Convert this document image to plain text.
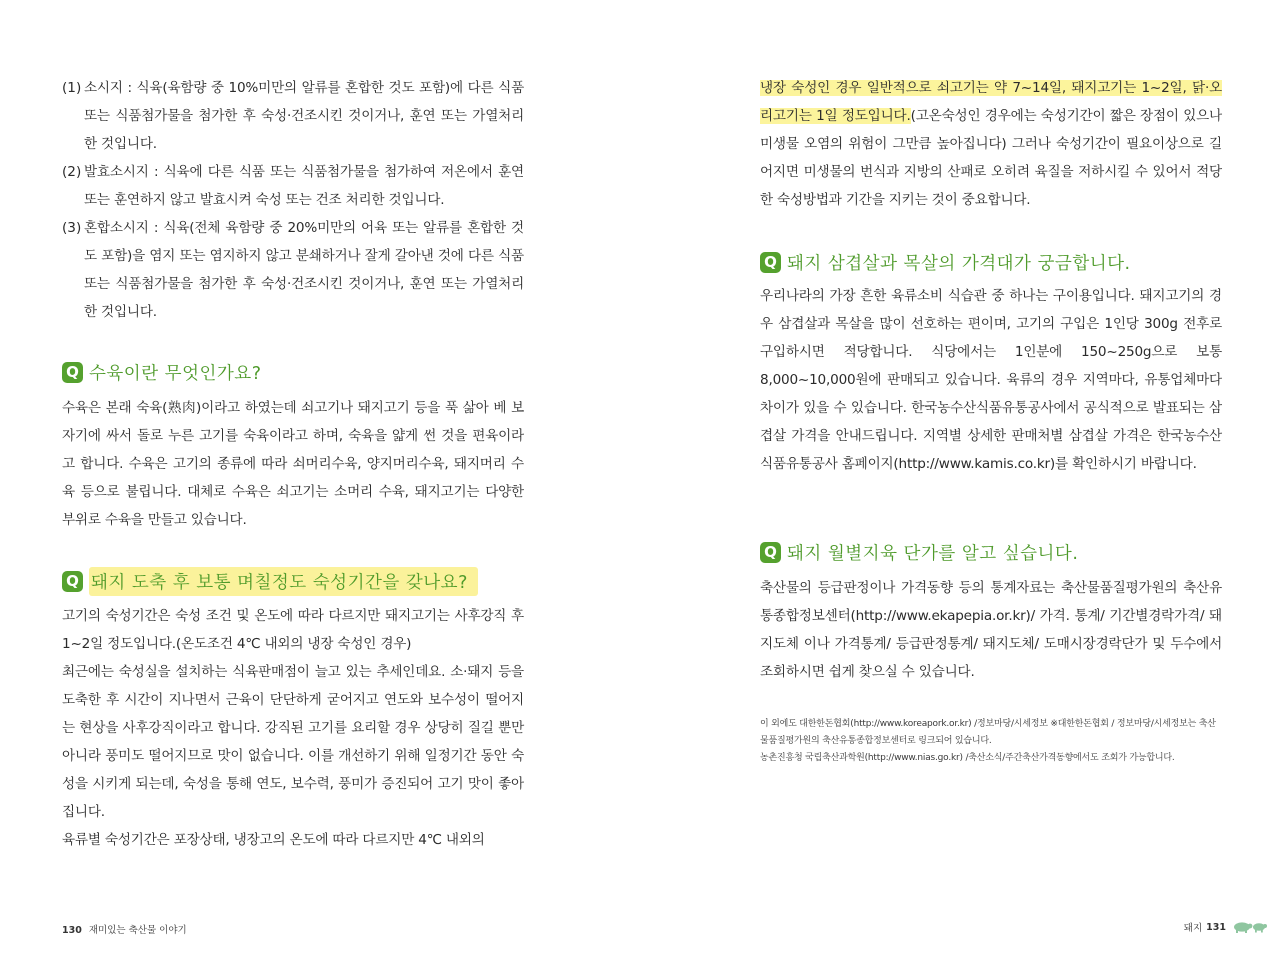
(1) 소시지 : 식육(육함량 중 10%미만의 알류를 혼합한 것도 포함)에 다른 식품 또는 식품첨가물을 첨가한 후 숙성·건조시킨 것이거나, 훈연 또는 가열처리한 것입니다.

(2) 발효소시지 : 식육에 다른 식품 또는 식품첨가물을 첨가하여 저온에서 훈연 또는 훈연하지 않고 발효시켜 숙성 또는 건조 처리한 것입니다.

(3) 혼합소시지 : 식육(전체 육함량 중 20%미만의 어육 또는 알류를 혼합한 것도 포함)을 염지 또는 염지하지 않고 분쇄하거나 잘게 갈아낸 것에 다른 식품 또는 식품첨가물을 첨가한 후 숙성·건조시킨 것이거나, 훈연 또는 가열처리한 것입니다.

Q 수육이란 무엇인가요?

수육은 본래 숙육(熟肉)이라고 하였는데 쇠고기나 돼지고기 등을 푹 삶아 베 보자기에 싸서 돌로 누른 고기를 숙육이라고 하며, 숙육을 얇게 썬 것을 편육이라고 합니다. 수육은 고기의 종류에 따라 쇠머리수육, 양지머리수육, 돼지머리 수육 등으로 불립니다. 대체로 수육은 쇠고기는 소머리 수육, 돼지고기는 다양한 부위로 수육을 만들고 있습니다.

Q 돼지 도축 후 보통 며칠정도 숙성기간을 갖나요?

고기의 숙성기간은 숙성 조건 및 온도에 따라 다르지만 돼지고기는 사후강직 후 1~2일 정도입니다.(온도조건 4℃ 내외의 냉장 숙성인 경우)

최근에는 숙성실을 설치하는 식육판매점이 늘고 있는 추세인데요. 소·돼지 등을 도축한 후 시간이 지나면서 근육이 단단하게 굳어지고 연도와 보수성이 떨어지는 현상을 사후강직이라고 합니다. 강직된 고기를 요리할 경우 상당히 질길 뿐만 아니라 풍미도 떨어지므로 맛이 없습니다. 이를 개선하기 위해 일정기간 동안 숙성을 시키게 되는데, 숙성을 통해 연도, 보수력, 풍미가 증진되어 고기 맛이 좋아집니다.

육류별 숙성기간은 포장상태, 냉장고의 온도에 따라 다르지만 4℃ 내외의

130 재미있는 축산물 이야기

냉장 숙성인 경우 일반적으로 쇠고기는 약 7~14일, 돼지고기는 1~2일, 닭·오리고기는 1일 정도입니다.(고온숙성인 경우에는 숙성기간이 짧은 장점이 있으나 미생물 오염의 위험이 그만큼 높아집니다) 그러나 숙성기간이 필요이상으로 길어지면 미생물의 번식과 지방의 산패로 오히려 육질을 저하시킬 수 있어서 적당한 숙성방법과 기간을 지키는 것이 중요합니다.

Q 돼지 삼겹살과 목살의 가격대가 궁금합니다.

우리나라의 가장 흔한 육류소비 식습관 중 하나는 구이용입니다. 돼지고기의 경우 삼겹살과 목살을 많이 선호하는 편이며, 고기의 구입은 1인당 300g 전후로 구입하시면 적당합니다. 식당에서는 1인분에 150~250g으로 보통 8,000~10,000원에 판매되고 있습니다. 육류의 경우 지역마다, 유통업체마다 차이가 있을 수 있습니다. 한국농수산식품유통공사에서 공식적으로 발표되는 삼겹살 가격을 안내드립니다. 지역별 상세한 판매처별 삼겹살 가격은 한국농수산식품유통공사 홈페이지(http://www.kamis.co.kr)를 확인하시기 바랍니다.

Q 돼지 월별지육 단가를 알고 싶습니다.

축산물의 등급판정이나 가격동향 등의 통계자료는 축산물품질평가원의 축산유통종합정보센터(http://www.ekapepia.or.kr)/ 가격. 통계/ 기간별경락가격/ 돼지도체 이나 가격통계/ 등급판정통계/ 돼지도체/ 도매시장경락단가 및 두수에서 조회하시면 쉽게 찾으실 수 있습니다.

이 외에도 대한한돈협회(http://www.koreapork.or.kr) /정보마당/시세정보 ※대한한돈협회 / 정보마당/시세정보는 축산물품질평가원의 축산유통종합정보센터로 링크되어 있습니다.

농촌진흥청 국립축산과학원(http://www.nias.go.kr) /축산소식/주간축산가격동향에서도 조회가 가능합니다.

돼지 131
